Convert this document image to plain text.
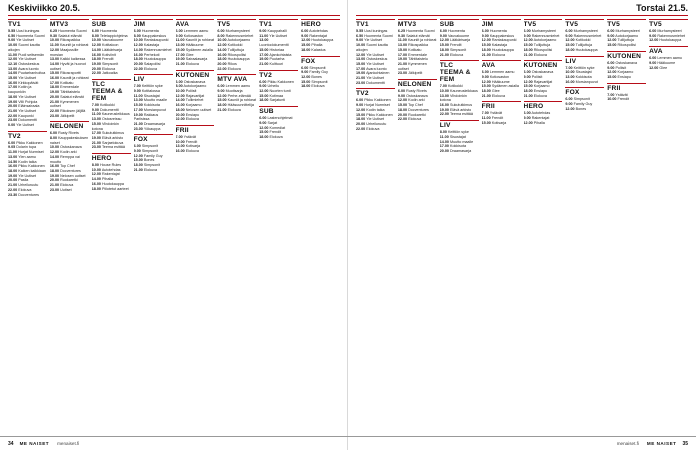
Keskiviikko 20.5.
TV1
5.55 Uusi kuningas
6.50 Huomenta Suomi
9.00 Yle Uutiset
10.00 Suomi kautta aikojen
11.00 Puoli seitsemän
12.00 Yle Uutiset
12.10 Ostoskeskus
13.00 Avara luonto
14.00 Puutarhanhoitoa
15.00 Yle Uutiset
16.00 Kirkkopäivät
17.00 Kotiin ja kaupunkiin
18.00 Yle Uutiset
19.00 Villi Pohjola
20.00 Eläinsairaala
21.00 Yle Uutiset
22.00 Kaupunki
23.00 Dokumentti
0.00 Yle Uutiset
TV2
6.00 Pikku Kakkonen
9.05 Dolarin tupa
11.00 Hurjat Nurmiset
13.00 Ylen aamu
14.50 Kodin taika
16.00 Pikku Kakkonen
18.00 Kaiken kaikkiaan
19.00 Yle Uutiset
20.00 Pasila
21.00 Urheiluruutu
22.00 Elokuva
23.30 Docventures
MTV3
6.25 Huomenta Suomi
9.30 Salatut elämät
10.00 Rikospaikka
11.00 Kauniit ja rohkeat
12.00 Maajussille morsian
13.00 Kaikki kaikessa
14.00 Hyvät ja huonot uutiset
15.00 Rikosraportti
16.00 Kauniit ja rohkeat
17.00 Kotikatu
18.00 Emmerdale
19.00 Tähtitaistelu
20.00 Salatut elämät
21.00 Kymmenen uutiset
22.00 Rikoksen jäljillä
23.00 Jälkipelit
NELONEN
6.00 Rusty Rivets
8.00 Kauppakeskuksen naiset
10.00 Ostoskanava
12.00 Kodin arki
14.00 Remppa vai muutto
16.00 Top Chef
18.00 Docventures
19.00 Nelosen uutiset
20.00 Ruokaretki
21.00 Elokuva
23.00 Uutiset
SUB
6.00 Huomenta
8.00 Teletappiohjelma
10.00 Vauvakuume
12.00 Kotitaloon
14.00 Lääkärisarja
16.00 Kotiviinit
18.00 Frendit
19.00 Simpsonit
20.00 Elokuva
22.00 Jatkoaika
TLC TEEMA & FEM
7.00 Kotikokki
9.00 Dokumentti
11.00 Kauneusleikkaus
13.00 Ostosreissu
15.00 Vihdoinkin kotona
17.00 Sukututkimus
19.00 Elävä arkisto
21.00 Sarjaelokuva
23.00 Teema esittää
HERO
8.00 House Rules
10.00 Autotehdas
12.00 Rakentajat
14.00 Pihalla
16.00 Huutokauppa
18.00 Piilotetut aarteet
JIM
6.00 Huomenta
8.00 Kauppakeskus
10.00 Rantakaupunki
12.00 Kalastaja
14.00 Rakennusmiehet
16.00 Perhekoti
18.00 Huutokauppa
20.00 Salapoliisi
22.00 Elokuva
LIV
7.00 Keittiön syke
9.00 Kotitalossa
11.00 Sisustajat
13.00 Muutto maalle
15.00 Kokkisota
17.00 Morsianpuvut
19.00 Rakkaus Pariisissa
21.00 Draamasarja
23.00 Yökauppa
FOX
6.00 Simpsonit
9.00 Simpsonit
12.00 Family Guy
15.00 Bones
18.00 Simpsonit
21.00 Elokuva
AVA
6.00 Lemmen aamu
9.00 Kotiosaston
11.00 Kauniit ja rohkeat
13.00 Hääkuume
15.00 Sydämen asialla
17.00 Glee
19.00 Sairaalasarja
21.00 Elokuva
KUTONEN
6.00 Ostoskanava
8.00 Autokorjaamo
10.00 Poliisit
12.00 Rajavartijat
14.00 Tullimiehet
16.00 Korjaamo
18.00 Nelosen uutiset
20.00 Ensiapu
22.00 Elokuva
FRII
7.00 Ystävät
10.00 Frendit
13.00 Kotisarja
16.00 Elokuva
TV5
6.00 Murhamysteeri
8.00 Rakennusmiehet
10.00 Autokorjaamo
12.00 Kotikokki
14.00 Tullijuttuja
16.00 Rikospoliisi
18.00 Huutokauppa
20.00 Rikos
22.00 Elokuva
MTV AVA
6.00 Lemmen aamu
9.00 Muotisarja
12.00 Perhe-elämää
15.00 Kauniit ja rohkeat
18.00 Hääsuunnittelija
21.00 Elokuva
TV1
9.00 Kauppahalli
11.00 Yle Uutiset
13.00 Luontodokumentti
15.00 Historiaa
17.00 Ajankohtaista
19.00 Puutarha
21.00 Kulttuuri
TV2
6.00 Pikku Kakkonen
9.00 Urheilu
12.00 Nuorten tunti
15.00 Kotimaa
18.00 Sarjatunti
SUB
6.00 Lastenohjelmat
9.00 Sarjat
12.00 Komediat
15.00 Frendit
18.00 Elokuva
HERO
6.00 Autotehdas
9.00 Rakentajat
12.00 Huutokauppa
15.00 Pihalla
18.00 Kalastus
FOX
6.00 Simpsonit
9.00 Family Guy
12.00 Bones
15.00 Simpsonit
18.00 Elokuva
34 ME NAISET menaiset.fi
Torstai 21.5.
TV1
5.55 Uusi kuningas
6.50 Huomenta Suomi
9.00 Yle Uutiset
10.00 Suomi kautta aikojen
12.00 Yle Uutiset
13.00 Ostoskeskus
15.00 Yle Uutiset
17.00 Avara luonto
19.00 Ajankohtainen
21.00 Yle Uutiset
23.00 Dokumentti
TV2
6.00 Pikku Kakkonen
9.00 Hurjat Nurmiset
12.00 Kodin taika
15.00 Pikku Kakkonen
18.00 Yle Uutiset
20.00 Urheiluruutu
22.00 Elokuva
MTV3
6.25 Huomenta Suomi
9.30 Salatut elämät
11.00 Kauniit ja rohkeat
13.00 Rikospaikka
15.00 Kotikatu
17.00 Emmerdale
19.00 Tähtitaistelu
21.00 Kymmenen uutiset
23.00 Jälkipelit
NELONEN
6.00 Rusty Rivets
9.00 Ostoskanava
12.00 Kodin arki
15.00 Top Chef
18.00 Docventures
20.00 Ruokaretki
22.00 Elokuva
SUB
6.00 Huomenta
9.00 Vauvakuume
12.00 Lääkärisarja
15.00 Frendit
18.00 Simpsonit
21.00 Elokuva
TLC TEEMA & FEM
7.00 Kotikokki
10.00 Kauneusleikkaus
13.00 Vihdoinkin kotona
16.00 Sukututkimus
19.00 Elävä arkisto
22.00 Teema esittää
LIV
8.00 Keittiön syke
11.00 Sisustajat
14.00 Muutto maalle
17.00 Kokkisota
20.00 Draamasarja
JIM
6.00 Huomenta
9.00 Kauppakeskus
12.00 Rantakaupunki
15.00 Kalastaja
18.00 Huutokauppa
21.00 Elokuva
AVA
6.00 Lemmen aamu
9.00 Kotiosaston
12.00 Hääkuume
15.00 Sydämen asialla
18.00 Glee
21.00 Elokuva
FRII
7.00 Ystävät
11.00 Frendit
15.00 Kotisarja
TV5
6.00 Murhamysteeri
9.00 Rakennusmiehet
12.00 Autokorjaamo
15.00 Tullijuttuja
18.00 Rikospoliisi
21.00 Elokuva
KUTONEN
6.00 Ostoskanava
9.00 Poliisit
12.00 Rajavartijat
15.00 Korjaamo
18.00 Ensiapu
21.00 Elokuva
HERO
6.00 Autotehdas
9.00 Rakentajat
12.00 Pihalla
TV5
6.00 Murhamysteeri
9.00 Rakennusmiehet
12.00 Kotikokki
15.00 Tullijuttuja
18.00 Huutokauppa
LIV
7.00 Keittiön syke
10.00 Sisustajat
13.00 Kokkisota
16.00 Morsianpuvut
FOX
6.00 Simpsonit
9.00 Family Guy
12.00 Bones
TV5
6.00 Murhamysteeri
9.00 Autokorjaamo
12.00 Tullijuttuja
15.00 Rikospoliisi
KUTONEN
6.00 Ostoskanava
9.00 Poliisit
12.00 Korjaamo
15.00 Ensiapu
FRII
7.00 Ystävät
10.00 Frendit
TV5
6.00 Murhamysteeri
9.00 Rakennusmiehet
12.00 Huutokauppa
AVA
6.00 Lemmen aamu
9.00 Hääkuume
12.00 Glee
35
ME NAISET
menaiset.fi
